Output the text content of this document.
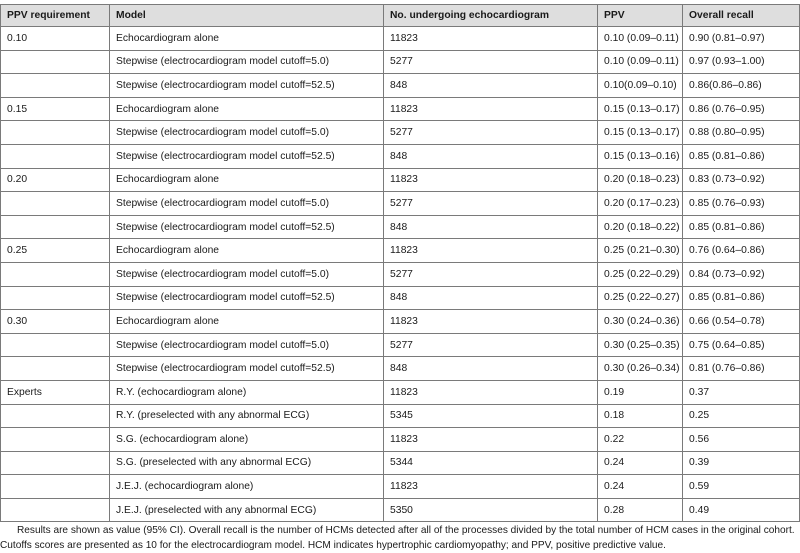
PPV requirement	Model	No. undergoing echocardiogram	PPV	Overall recall
0.10	Echocardiogram alone	11823	0.10 (0.09–0.11)	0.90 (0.81–0.97)
	Stepwise (electrocardiogram model cutoff=5.0)	5277	0.10 (0.09–0.11)	0.97 (0.93–1.00)
	Stepwise (electrocardiogram model cutoff=52.5)	848	0.10(0.09–0.10)	0.86(0.86–0.86)
0.15	Echocardiogram alone	11823	0.15 (0.13–0.17)	0.86 (0.76–0.95)
	Stepwise (electrocardiogram model cutoff=5.0)	5277	0.15 (0.13–0.17)	0.88 (0.80–0.95)
	Stepwise (electrocardiogram model cutoff=52.5)	848	0.15 (0.13–0.16)	0.85 (0.81–0.86)
0.20	Echocardiogram alone	11823	0.20 (0.18–0.23)	0.83 (0.73–0.92)
	Stepwise (electrocardiogram model cutoff=5.0)	5277	0.20 (0.17–0.23)	0.85 (0.76–0.93)
	Stepwise (electrocardiogram model cutoff=52.5)	848	0.20 (0.18–0.22)	0.85 (0.81–0.86)
0.25	Echocardiogram alone	11823	0.25 (0.21–0.30)	0.76 (0.64–0.86)
	Stepwise (electrocardiogram model cutoff=5.0)	5277	0.25 (0.22–0.29)	0.84 (0.73–0.92)
	Stepwise (electrocardiogram model cutoff=52.5)	848	0.25 (0.22–0.27)	0.85 (0.81–0.86)
0.30	Echocardiogram alone	11823	0.30 (0.24–0.36)	0.66 (0.54–0.78)
	Stepwise (electrocardiogram model cutoff=5.0)	5277	0.30 (0.25–0.35)	0.75 (0.64–0.85)
	Stepwise (electrocardiogram model cutoff=52.5)	848	0.30 (0.26–0.34)	0.81 (0.76–0.86)
Experts	R.Y. (echocardiogram alone)	11823	0.19	0.37
	R.Y. (preselected with any abnormal ECG)	5345	0.18	0.25
	S.G. (echocardiogram alone)	11823	0.22	0.56
	S.G. (preselected with any abnormal ECG)	5344	0.24	0.39
	J.E.J. (echocardiogram alone)	11823	0.24	0.59
	J.E.J. (preselected with any abnormal ECG)	5350	0.28	0.49

Results are shown as value (95% CI). Overall recall is the number of HCMs detected after all of the processes divided by the total number of HCM cases in the original cohort. Cutoffs scores are presented as 10 for the electrocardiogram model. HCM indicates hypertrophic cardiomyopathy; and PPV, positive predictive value.
